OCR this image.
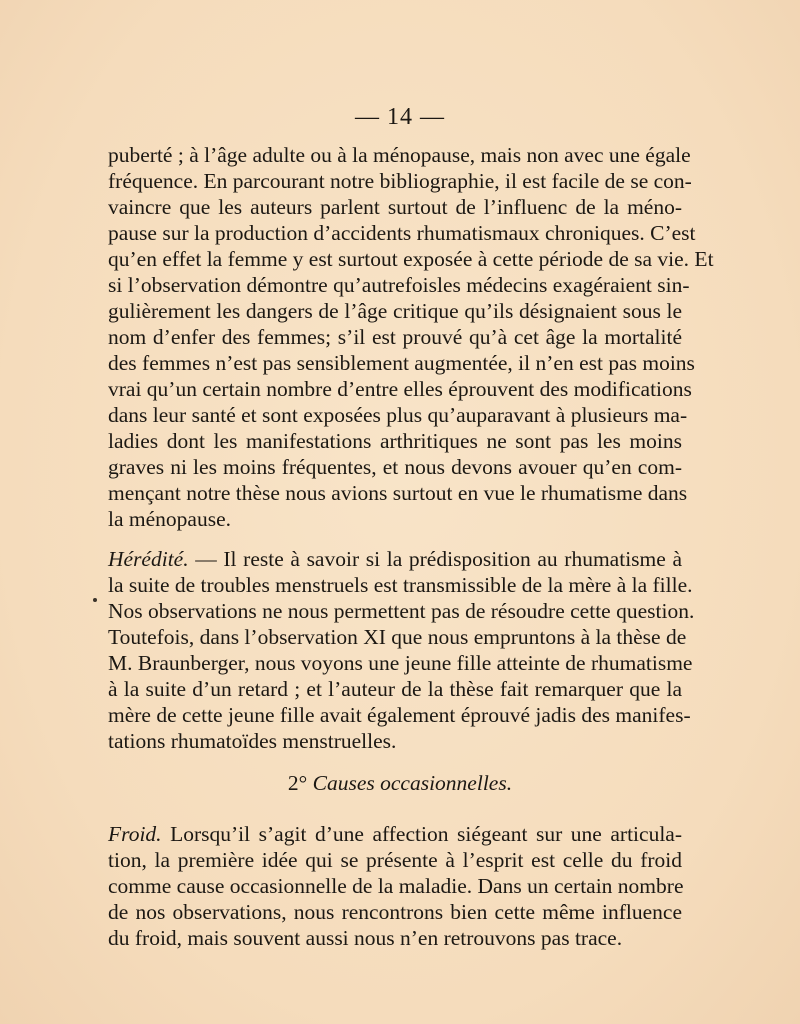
— 14 —
puberté ; à l’âge adulte ou à la ménopause, mais non avec une égale
fréquence. En parcourant notre bibliographie, il est facile de se con-
vaincre que les auteurs parlent surtout de l’influenc de la méno-
pause sur la production d’accidents rhumatismaux chroniques. C’est
qu’en effet la femme y est surtout exposée à cette période de sa vie. Et
si l’observation démontre qu’autrefoisles médecins exagéraient sin-
gulièrement les dangers de l’âge critique qu’ils désignaient sous le
nom d’enfer des femmes; s’il est prouvé qu’à cet âge la mortalité
des femmes n’est pas sensiblement augmentée, il n’en est pas moins
vrai qu’un certain nombre d’entre elles éprouvent des modifications
dans leur santé et sont exposées plus qu’auparavant à plusieurs ma-
ladies dont les manifestations arthritiques ne sont pas les moins
graves ni les moins fréquentes, et nous devons avouer qu’en com-
mençant notre thèse nous avions surtout en vue le rhumatisme dans
la ménopause.
Hérédité. — Il reste à savoir si la prédisposition au rhumatisme à
la suite de troubles menstruels est transmissible de la mère à la fille.
Nos observations ne nous permettent pas de résoudre cette question.
Toutefois, dans l’observation XI que nous empruntons à la thèse de
M. Braunberger, nous voyons une jeune fille atteinte de rhumatisme
à la suite d’un retard ; et l’auteur de la thèse fait remarquer que la
mère de cette jeune fille avait également éprouvé jadis des manifes-
tations rhumatoïdes menstruelles.
2° Causes occasionnelles.
Froid. Lorsqu’il s’agit d’une affection siégeant sur une articula-
tion, la première idée qui se présente à l’esprit est celle du froid
comme cause occasionnelle de la maladie. Dans un certain nombre
de nos observations, nous rencontrons bien cette même influence
du froid, mais souvent aussi nous n’en retrouvons pas trace.
